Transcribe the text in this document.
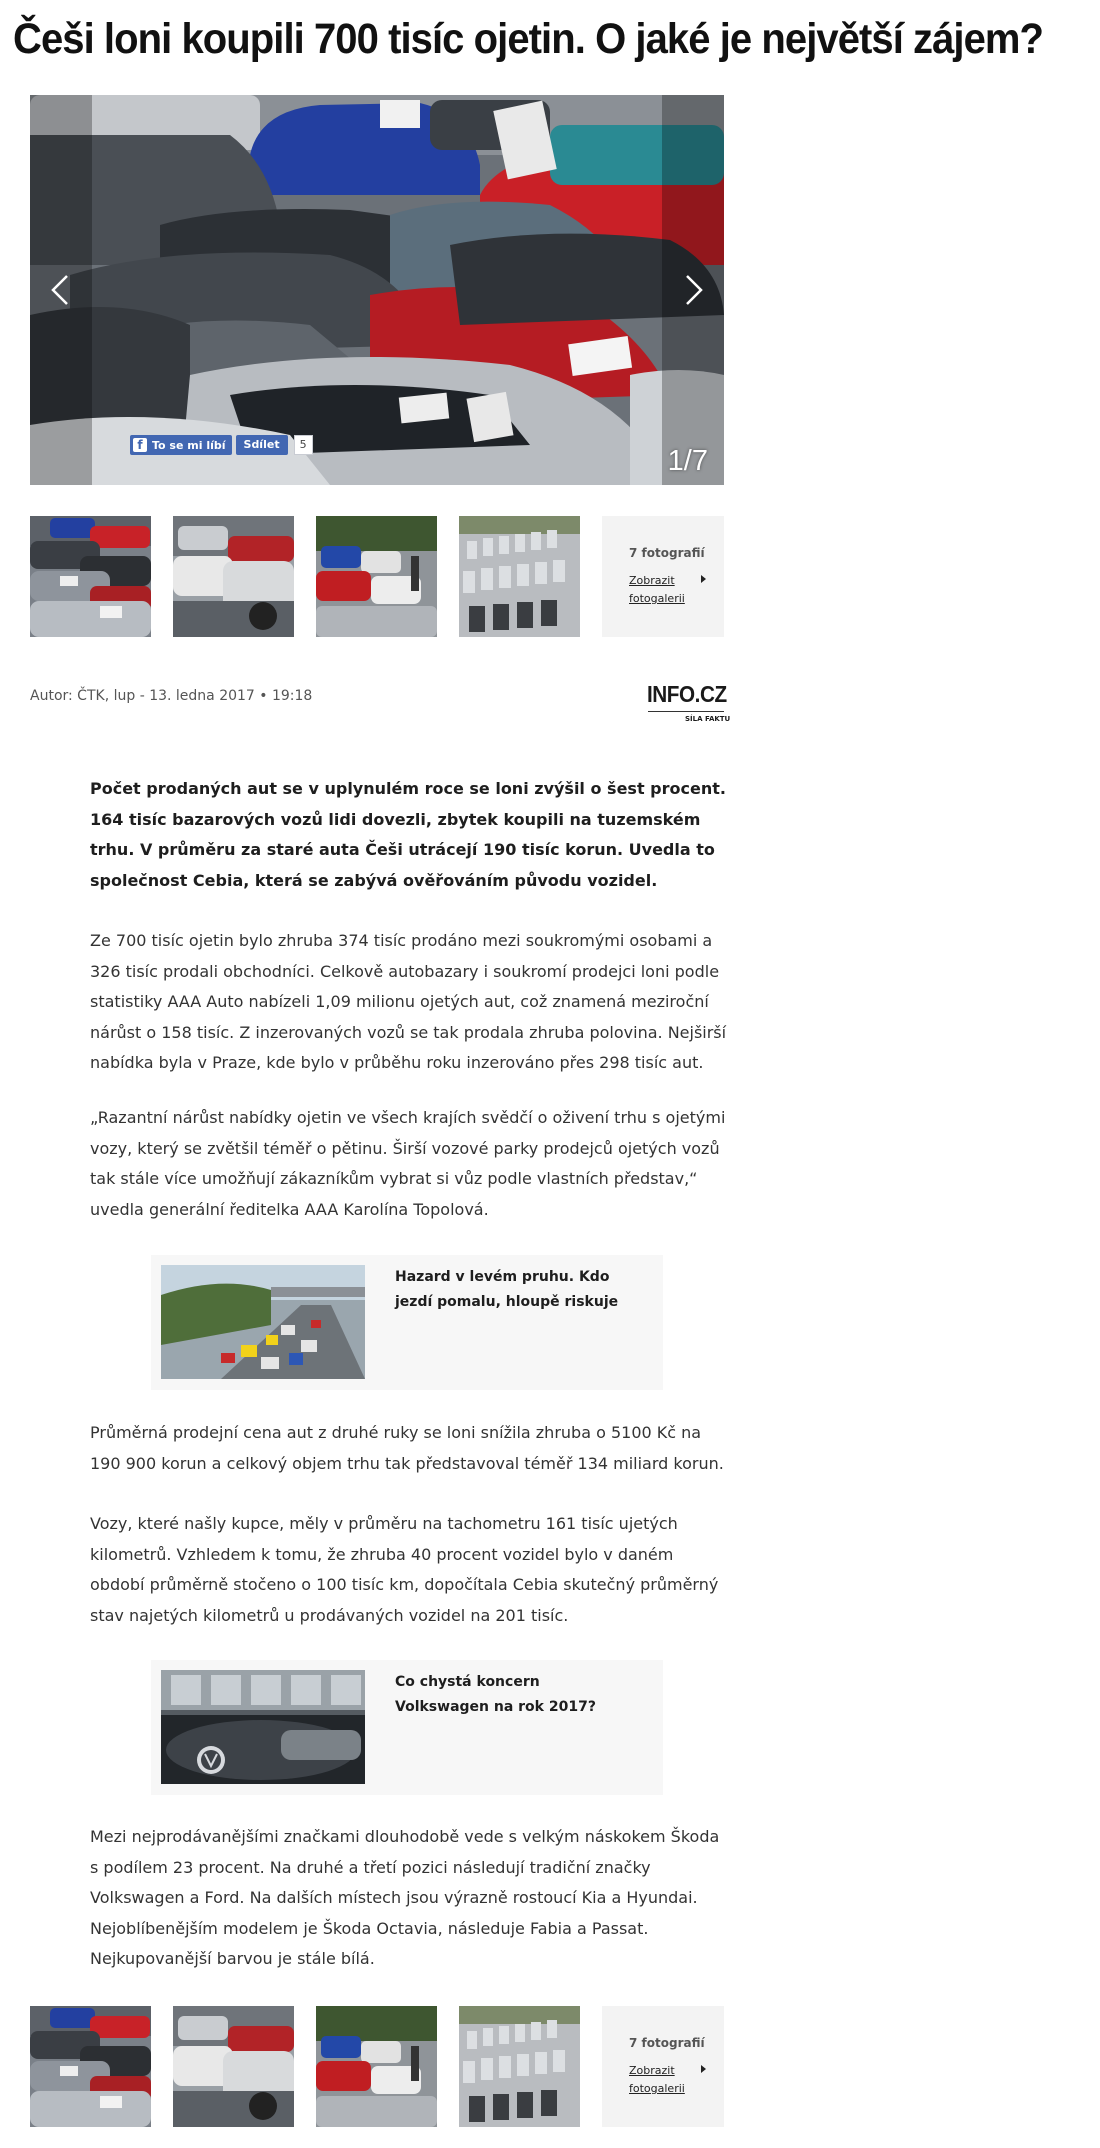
Češi loni koupili 700 tisíc ojetin. O jaké je největší zájem?
f To se mi líbí	Sdílet	5
1/7
7 fotografií
Zobrazit fotogalerii
Autor: ČTK, lup - 13. ledna 2017 • 19:18	INFO.CZ
SÍLA FAKTU

Počet prodaných aut se v uplynulém roce se loni zvýšil o šest procent. 164 tisíc bazarových vozů lidi dovezli, zbytek koupili na tuzemském trhu. V průměru za staré auta Češi utrácejí 190 tisíc korun. Uvedla to společnost Cebia, která se zabývá ověřováním původu vozidel.

Ze 700 tisíc ojetin bylo zhruba 374 tisíc prodáno mezi soukromými osobami a 326 tisíc prodali obchodníci. Celkově autobazary i soukromí prodejci loni podle statistiky AAA Auto nabízeli 1,09 milionu ojetých aut, což znamená meziroční nárůst o 158 tisíc. Z inzerovaných vozů se tak prodala zhruba polovina. Nejširší nabídka byla v Praze, kde bylo v průběhu roku inzerováno přes 298 tisíc aut.

„Razantní nárůst nabídky ojetin ve všech krajích svědčí o oživení trhu s ojetými vozy, který se zvětšil téměř o pětinu. Širší vozové parky prodejců ojetých vozů tak stále více umožňují zákazníkům vybrat si vůz podle vlastních představ,“ uvedla generální ředitelka AAA Karolína Topolová.

Hazard v levém pruhu. Kdo jezdí pomalu, hloupě riskuje

Průměrná prodejní cena aut z druhé ruky se loni snížila zhruba o 5100 Kč na 190 900 korun a celkový objem trhu tak představoval téměř 134 miliard korun.

Vozy, které našly kupce, měly v průměru na tachometru 161 tisíc ujetých kilometrů. Vzhledem k tomu, že zhruba 40 procent vozidel bylo v daném období průměrně stočeno o 100 tisíc km, dopočítala Cebia skutečný průměrný stav najetých kilometrů u prodávaných vozidel na 201 tisíc.

Co chystá koncern Volkswagen na rok 2017?

Mezi nejprodávanějšími značkami dlouhodobě vede s velkým náskokem Škoda s podílem 23 procent. Na druhé a třetí pozici následují tradiční značky Volkswagen a Ford. Na dalších místech jsou výrazně rostoucí Kia a Hyundai. Nejoblíbenějším modelem je Škoda Octavia, následuje Fabia a Passat. Nejkupovanější barvou je stále bílá.

7 fotografií
Zobrazit fotogalerii
